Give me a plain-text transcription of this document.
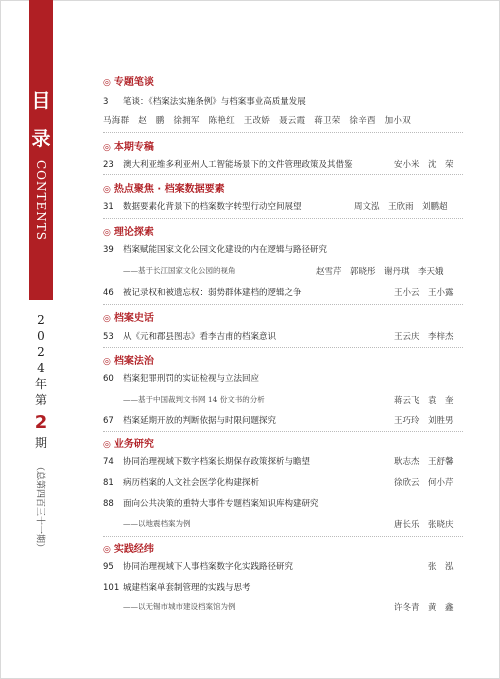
目
录
CONTENTS
2
0
2
4
年
第
2
期
（总第四百三十一期）
◎ 专题笔谈
3 笔谈：《档案法实施条例》与档案事业高质量发展
马海群　赵　鹏　徐拥军　陈艳红　王改娇　聂云霞　蒋卫荣　徐辛酉　加小双
◎ 本期专稿
23 澳大利亚维多利亚州人工智能场景下的文件管理政策及其借鉴	安小米　沈　荣
◎ 热点聚焦 · 档案数据要素
31 数据要素化背景下的档案数字转型行动空间展望	周文泓　王欣雨　刘鹏超
◎ 理论探索
39 档案赋能国家文化公园文化建设的内在逻辑与路径研究
——基于长江国家文化公园的视角	赵雪芹　郭晓彤　谢丹琪　李天娥
46 被记录权和被遗忘权：弱势群体建档的逻辑之争	王小云　王小露
◎ 档案史话
53 从《元和郡县图志》看李吉甫的档案意识	王云庆　李梓杰
◎ 档案法治
60 档案犯罪刑罚的实证检视与立法回应
——基于中国裁判文书网 14 份文书的分析	蒋云飞　袁　奎
67 档案延期开放的判断依据与时限问题探究	王巧玲　刘胜男
◎ 业务研究
74 协同治理视域下数字档案长期保存政策探析与瞻望	耿志杰　王舒馨
81 病历档案的人文社会医学化构建探析	徐欣云　何小芹
88 面向公共决策的重特大事件专题档案知识库构建研究
——以地震档案为例	唐长乐　张晓庆
◎ 实践经纬
95 协同治理视域下人事档案数字化实践路径研究	张　泓
101 城建档案单套制管理的实践与思考
——以无锡市城市建设档案馆为例	许冬青　黄　鑫
